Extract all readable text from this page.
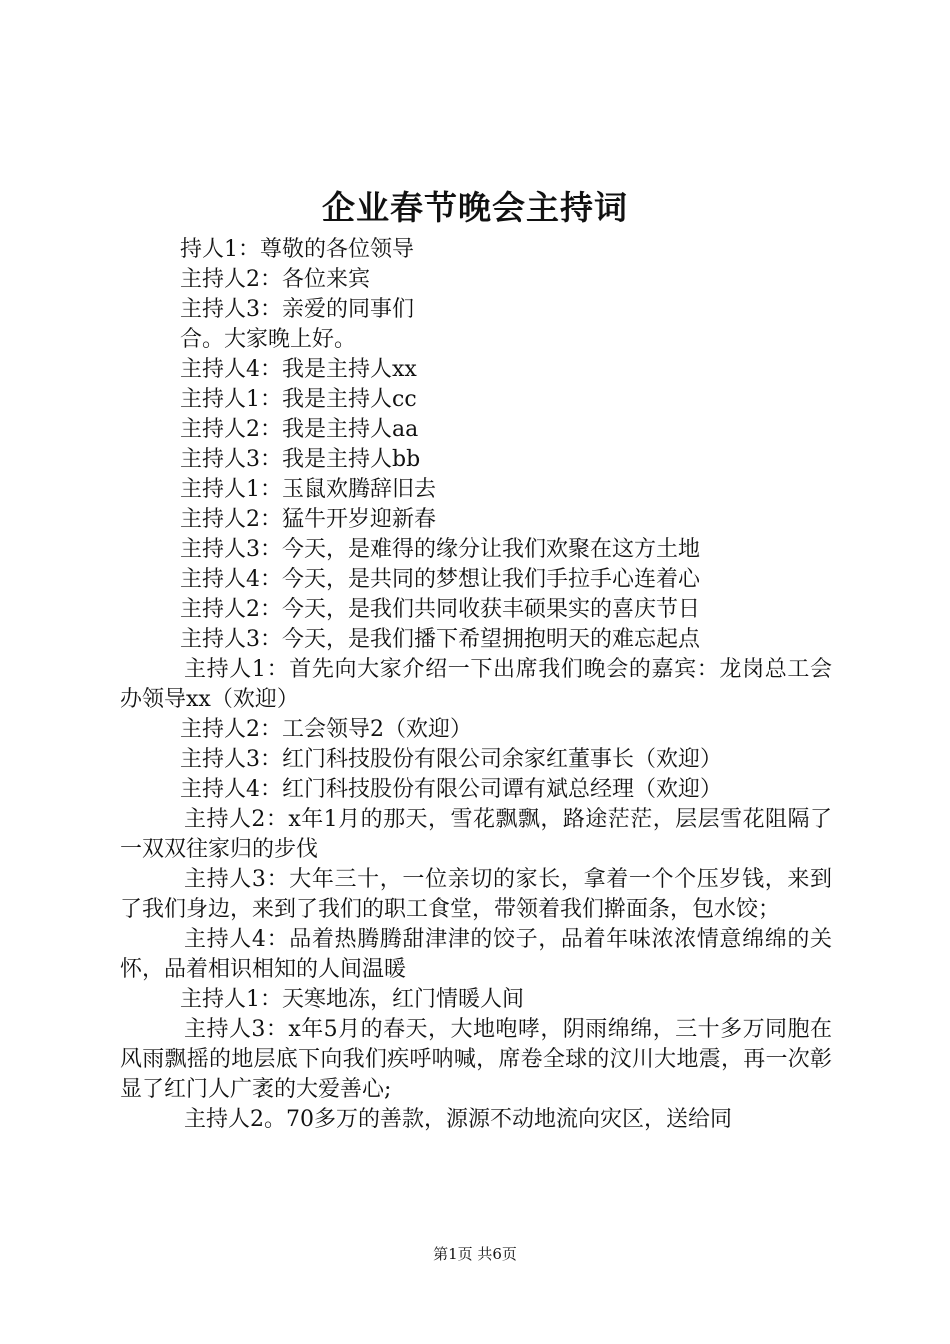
企业春节晚会主持词

持人1：尊敬的各位领导

主持人2：各位来宾

主持人3：亲爱的同事们

合。大家晚上好。

主持人4：我是主持人xx

主持人1：我是主持人cc

主持人2：我是主持人aa

主持人3：我是主持人bb

主持人1：玉鼠欢腾辞旧去

主持人2：猛牛开岁迎新春

主持人3：今天，是难得的缘分让我们欢聚在这方土地

主持人4：今天，是共同的梦想让我们手拉手心连着心

主持人2：今天，是我们共同收获丰硕果实的喜庆节日

主持人3：今天，是我们播下希望拥抱明天的难忘起点

主持人1：首先向大家介绍一下出席我们晚会的嘉宾：龙岗总工会办领导xx（欢迎）

主持人2：工会领导2（欢迎）

主持人3：红门科技股份有限公司余家红董事长（欢迎）

主持人4：红门科技股份有限公司谭有斌总经理（欢迎）

主持人2：x年1月的那天，雪花飘飘，路途茫茫，层层雪花阻隔了一双双往家归的步伐

主持人3：大年三十，一位亲切的家长，拿着一个个压岁钱，来到了我们身边，来到了我们的职工食堂，带领着我们擀面条，包水饺；

主持人4：品着热腾腾甜津津的饺子，品着年味浓浓情意绵绵的关怀，品着相识相知的人间温暖

主持人1：天寒地冻，红门情暖人间

主持人3：x年5月的春天，大地咆哮，阴雨绵绵，三十多万同胞在风雨飘摇的地层底下向我们疾呼呐喊，席卷全球的汶川大地震，再一次彰显了红门人广袤的大爱善心;

主持人2。70多万的善款，源源不动地流向灾区，送给同

第1页 共6页
